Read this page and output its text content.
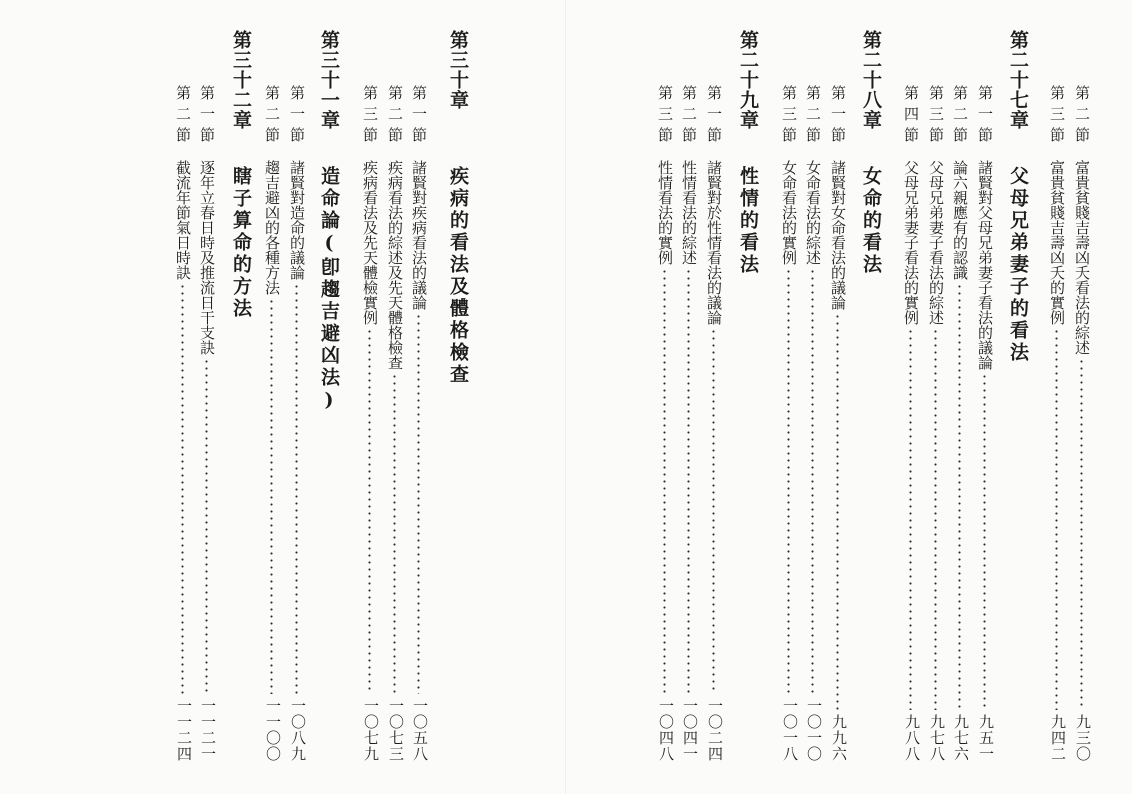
第二節
富貴貧賤吉壽凶夭看法的綜述
九三〇
第三節
富貴貧賤吉壽凶夭的實例
九四二
第二十七章
父母兄弟妻子的看法
第一節
諸賢對父母兄弟妻子看法的議論
九五一
第二節
論六親應有的認識
九七六
第三節
父母兄弟妻子看法的綜述
九七八
第四節
父母兄弟妻子看法的實例
九八八
第二十八章
女命的看法
第一節
諸賢對女命看法的議論
九九六
第二節
女命看法的綜述
一〇一〇
第三節
女命看法的實例
一〇一八
第二十九章
性情的看法
第一節
諸賢對於性情看法的議論
一〇二四
第二節
性情看法的綜述
一〇四一
第三節
性情看法的實例
一〇四八
第三十章
疾病的看法及體格檢查
第一節
諸賢對疾病看法的議論
一〇五八
第二節
疾病看法的綜述及先天體格檢查
一〇七三
第三節
疾病看法及先天體檢實例
一〇七九
第三十一章
造命論(卽趨吉避凶法)
第一節
諸賢對造命的議論
一〇八九
第二節
趨吉避凶的各種方法
一一〇〇
第三十二章
瞎子算命的方法
第一節
逐年立春日時及推流日干支訣
一一二一
第二節
截流年節氣日時訣
一一二四
